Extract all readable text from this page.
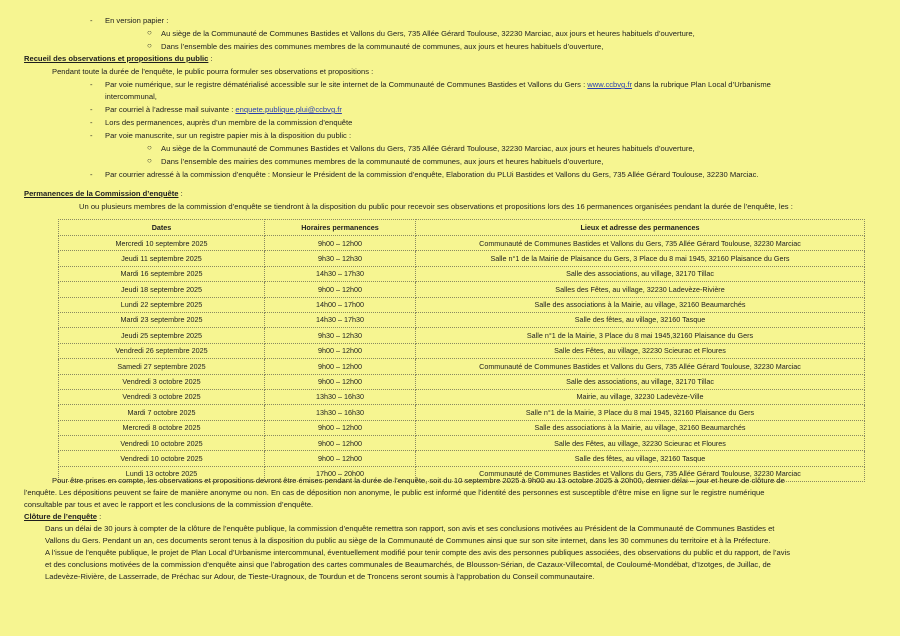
- En version papier :
○ Au siège de la Communauté de Communes Bastides et Vallons du Gers, 735 Allée Gérard Toulouse, 32230 Marciac, aux jours et heures habituels d’ouverture,
○ Dans l’ensemble des mairies des communes membres de la communauté de communes, aux jours et heures habituels d’ouverture,
Recueil des observations et propositions du public :
Pendant toute la durée de l’enquête, le public pourra formuler ses observations et propositions :
- Par voie numérique, sur le registre dématérialisé accessible sur le site internet de la Communauté de Communes Bastides et Vallons du Gers : www.ccbvg.fr dans la rubrique Plan Local d’Urbanisme
intercommunal,
- Par courriel à l’adresse mail suivante : enquete.publique.plui@ccbvg.fr
- Lors des permanences, auprès d’un membre de la commission d’enquête
- Par voie manuscrite, sur un registre papier mis à la disposition du public :
○ Au siège de la Communauté de Communes Bastides et Vallons du Gers, 735 Allée Gérard Toulouse, 32230 Marciac, aux jours et heures habituels d’ouverture,
○ Dans l’ensemble des mairies des communes membres de la communauté de communes, aux jours et heures habituels d’ouverture,
- Par courrier adressé à la commission d’enquête : Monsieur le Président de la commission d’enquête, Elaboration du PLUi Bastides et Vallons du Gers, 735 Allée Gérard Toulouse, 32230 Marciac.
Permanences de la Commission d’enquête :
Un ou plusieurs membres de la commission d’enquête se tiendront à la disposition du public pour recevoir ses observations et propositions lors des 16 permanences organisées pendant la durée de l’enquête, les :
Dates	Horaires permanences	Lieux et adresse des permanences
Mercredi 10 septembre 2025	9h00 – 12h00	Communauté de Communes Bastides et Vallons du Gers, 735 Allée Gérard Toulouse, 32230 Marciac
Jeudi 11 septembre 2025	9h30 – 12h30	Salle n°1 de la Mairie de Plaisance du Gers, 3 Place du 8 mai 1945, 32160 Plaisance du Gers
Mardi 16 septembre 2025	14h30 – 17h30	Salle des associations, au village, 32170 Tillac
Jeudi 18 septembre 2025	9h00 – 12h00	Salles des Fêtes, au village, 32230 Ladevèze-Rivière
Lundi 22 septembre 2025	14h00 – 17h00	Salle des associations à la Mairie, au village, 32160 Beaumarchés
Mardi 23 septembre 2025	14h30 – 17h30	Salle des fêtes, au village, 32160 Tasque
Jeudi 25 septembre 2025	9h30 – 12h30	Salle n°1 de la Mairie, 3 Place du 8 mai 1945,32160 Plaisance du Gers
Vendredi 26 septembre 2025	9h00 – 12h00	Salle des Fêtes, au village, 32230 Scieurac et Floures
Samedi 27 septembre 2025	9h00 – 12h00	Communauté de Communes Bastides et Vallons du Gers, 735 Allée Gérard Toulouse, 32230 Marciac
Vendredi 3 octobre 2025	9h00 – 12h00	Salle des associations, au village, 32170 Tillac
Vendredi 3 octobre 2025	13h30 – 16h30	Mairie, au village, 32230 Ladevèze-Ville
Mardi 7 octobre 2025	13h30 – 16h30	Salle n°1 de la Mairie, 3 Place du 8 mai 1945, 32160 Plaisance du Gers
Mercredi 8 octobre 2025	9h00 – 12h00	Salle des associations à la Mairie, au village, 32160 Beaumarchés
Vendredi 10 octobre 2025	9h00 – 12h00	Salle des Fêtes, au village, 32230 Scieurac et Floures
Vendredi 10 octobre 2025	9h00 – 12h00	Salle des fêtes, au village, 32160 Tasque
Lundi 13 octobre 2025	17h00 – 20h00	Communauté de Communes Bastides et Vallons du Gers, 735 Allée Gérard Toulouse, 32230 Marciac
Pour être prises en compte, les observations et propositions devront être émises pendant la durée de l’enquête, soit du 10 septembre 2025 à 9h00 au 13 octobre 2025 à 20h00, dernier délai – jour et heure de clôture de
l’enquête. Les dépositions peuvent se faire de manière anonyme ou non. En cas de déposition non anonyme, le public est informé que l’identité des personnes est susceptible d’être mise en ligne sur le registre numérique
consultable par tous et avec le rapport et les conclusions de la commission d’enquête.
Clôture de l’enquête :
Dans un délai de 30 jours à compter de la clôture de l’enquête publique, la commission d’enquête remettra son rapport, son avis et ses conclusions motivées au Président de la Communauté de Communes Bastides et
Vallons du Gers. Pendant un an, ces documents seront tenus à la disposition du public au siège de la Communauté de Communes ainsi que sur son site internet, dans les 30 communes du territoire et à la Préfecture.
A l’issue de l’enquête publique, le projet de Plan Local d’Urbanisme intercommunal, éventuellement modifié pour tenir compte des avis des personnes publiques associées, des observations du public et du rapport, de l’avis
et des conclusions motivées de la commission d’enquête ainsi que l’abrogation des cartes communales de Beaumarchés, de Blousson-Sérian, de Cazaux-Villecomtal, de Couloumé-Mondébat, d’Izotges, de Juillac, de
Ladevèze-Rivière, de Lasserrade, de Préchac sur Adour, de Tieste-Uragnoux, de Tourdun et de Troncens seront soumis à l’approbation du Conseil communautaire.
